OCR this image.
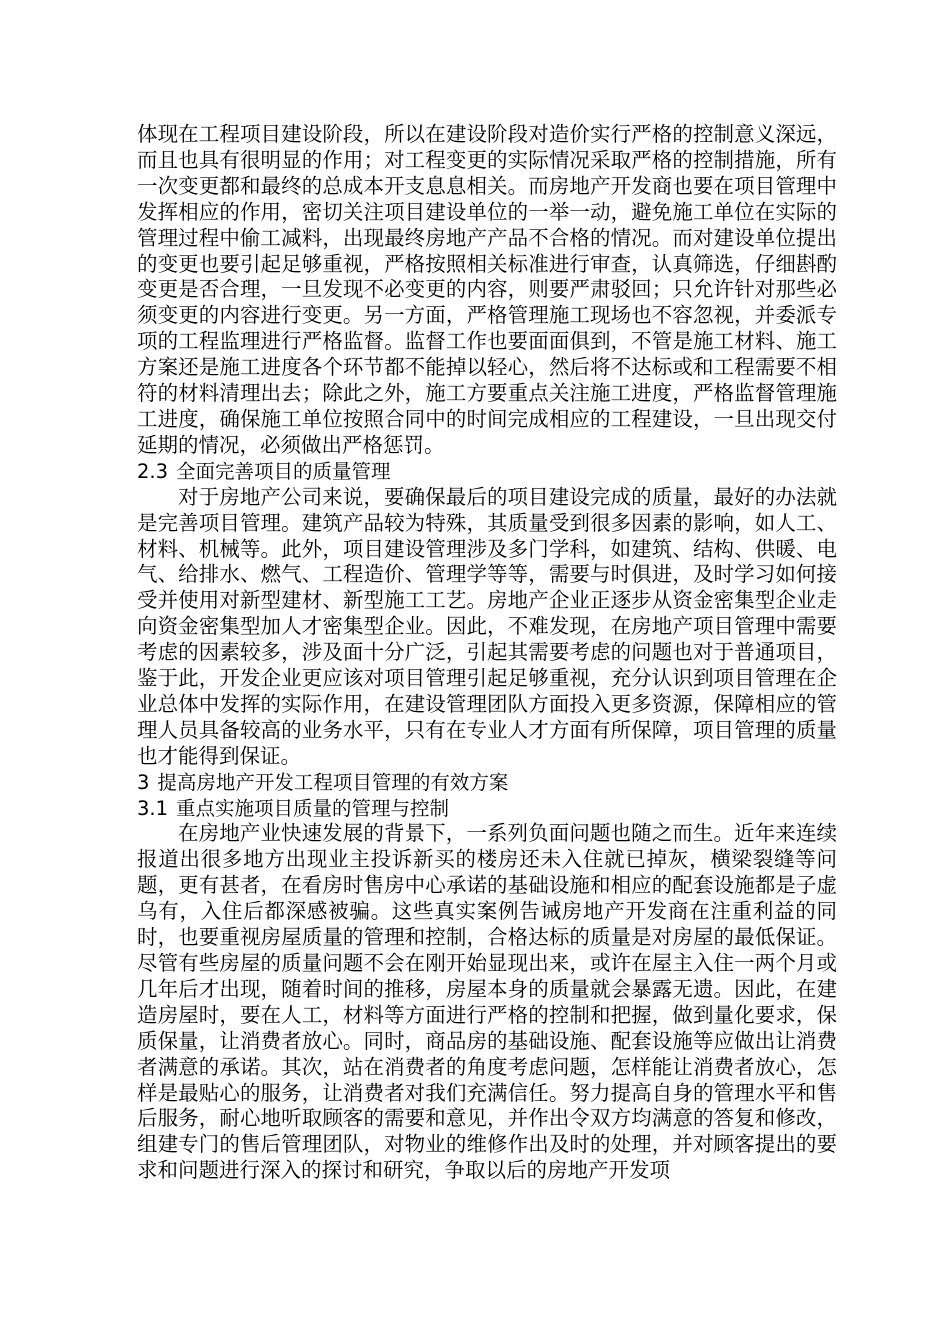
体现在工程项目建设阶段，所以在建设阶段对造价实行严格的控制意义深远，而且也具有很明显的作用；对工程变更的实际情况采取严格的控制措施，所有一次变更都和最终的总成本开支息息相关。而房地产开发商也要在项目管理中发挥相应的作用，密切关注项目建设单位的一举一动，避免施工单位在实际的管理过程中偷工减料，出现最终房地产产品不合格的情况。而对建设单位提出的变更也要引起足够重视，严格按照相关标准进行审查，认真筛选，仔细斟酌变更是否合理，一旦发现不必变更的内容，则要严肃驳回；只允许针对那些必须变更的内容进行变更。另一方面，严格管理施工现场也不容忽视，并委派专项的工程监理进行严格监督。监督工作也要面面俱到，不管是施工材料、施工方案还是施工进度各个环节都不能掉以轻心，然后将不达标或和工程需要不相符的材料清理出去；除此之外，施工方要重点关注施工进度，严格监督管理施工进度，确保施工单位按照合同中的时间完成相应的工程建设，一旦出现交付延期的情况，必须做出严格惩罚。

2.3 全面完善项目的质量管理

对于房地产公司来说，要确保最后的项目建设完成的质量，最好的办法就是完善项目管理。建筑产品较为特殊，其质量受到很多因素的影响，如人工、材料、机械等。此外，项目建设管理涉及多门学科，如建筑、结构、供暖、电气、给排水、燃气、工程造价、管理学等等，需要与时俱进，及时学习如何接受并使用对新型建材、新型施工工艺。房地产企业正逐步从资金密集型企业走向资金密集型加人才密集型企业。因此，不难发现，在房地产项目管理中需要考虑的因素较多，涉及面十分广泛，引起其需要考虑的问题也对于普通项目，鉴于此，开发企业更应该对项目管理引起足够重视，充分认识到项目管理在企业总体中发挥的实际作用，在建设管理团队方面投入更多资源，保障相应的管理人员具备较高的业务水平，只有在专业人才方面有所保障，项目管理的质量也才能得到保证。

3 提高房地产开发工程项目管理的有效方案
3.1 重点实施项目质量的管理与控制

在房地产业快速发展的背景下，一系列负面问题也随之而生。近年来连续报道出很多地方出现业主投诉新买的楼房还未入住就已掉灰，横梁裂缝等问题，更有甚者，在看房时售房中心承诺的基础设施和相应的配套设施都是子虚乌有，入住后都深感被骗。这些真实案例告诫房地产开发商在注重利益的同时，也要重视房屋质量的管理和控制，合格达标的质量是对房屋的最低保证。尽管有些房屋的质量问题不会在刚开始显现出来，或许在屋主入住一两个月或几年后才出现，随着时间的推移，房屋本身的质量就会暴露无遗。因此，在建造房屋时，要在人工，材料等方面进行严格的控制和把握，做到量化要求，保质保量，让消费者放心。同时，商品房的基础设施、配套设施等应做出让消费者满意的承诺。其次，站在消费者的角度考虑问题，怎样能让消费者放心，怎样是最贴心的服务，让消费者对我们充满信任。努力提高自身的管理水平和售后服务，耐心地听取顾客的需要和意见，并作出令双方均满意的答复和修改，组建专门的售后管理团队，对物业的维修作出及时的处理，并对顾客提出的要求和问题进行深入的探讨和研究，争取以后的房地产开发项
